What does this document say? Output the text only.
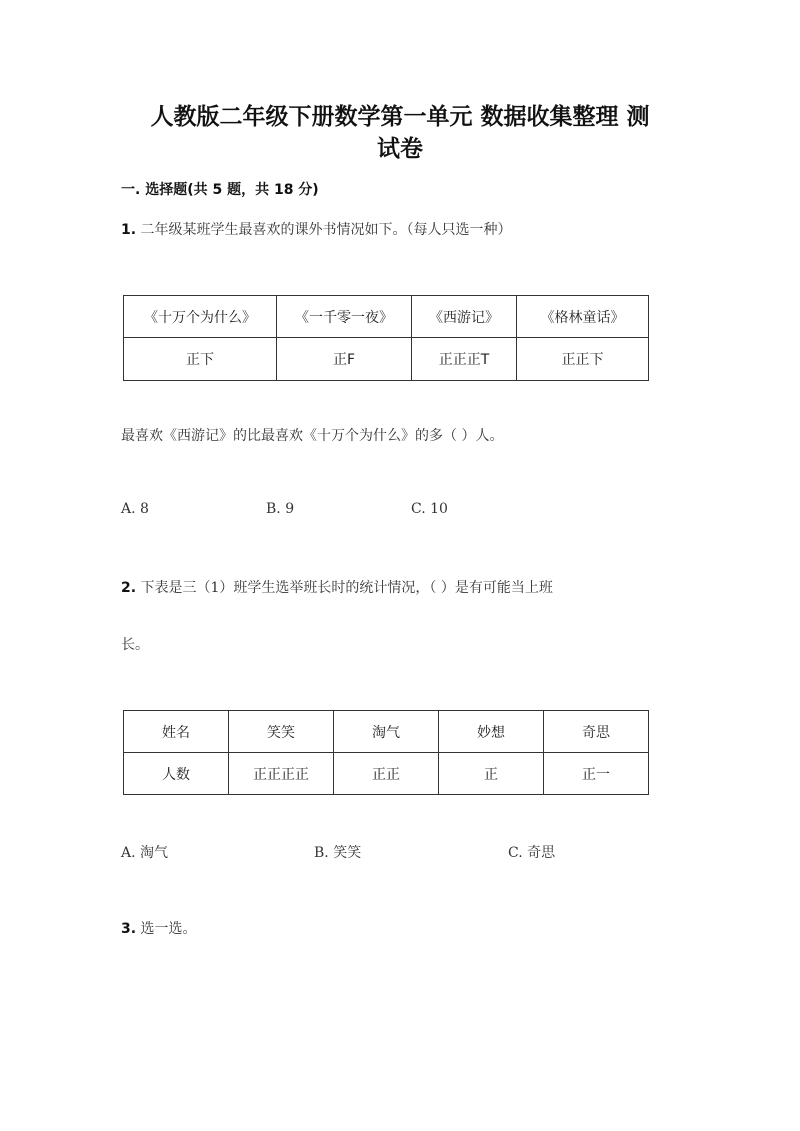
人教版二年级下册数学第一单元 数据收集整理 测
试卷
一. 选择题(共 5 题，共 18 分)
1. 二年级某班学生最喜欢的课外书情况如下。（每人只选一种）
《十万个为什么》	《一千零一夜》	《西游记》	《格林童话》
正下	正F	正正正T	正正下
最喜欢《西游记》的比最喜欢《十万个为什么》的多（ ）人。
A. 8	B. 9	C. 10
2. 下表是三（1）班学生选举班长时的统计情况，（ ）是有可能当上班
长。
姓名	笑笑	淘气	妙想	奇思
人数	正正正正	正正	正	正一
A. 淘气	B. 笑笑	C. 奇思
3. 选一选。
